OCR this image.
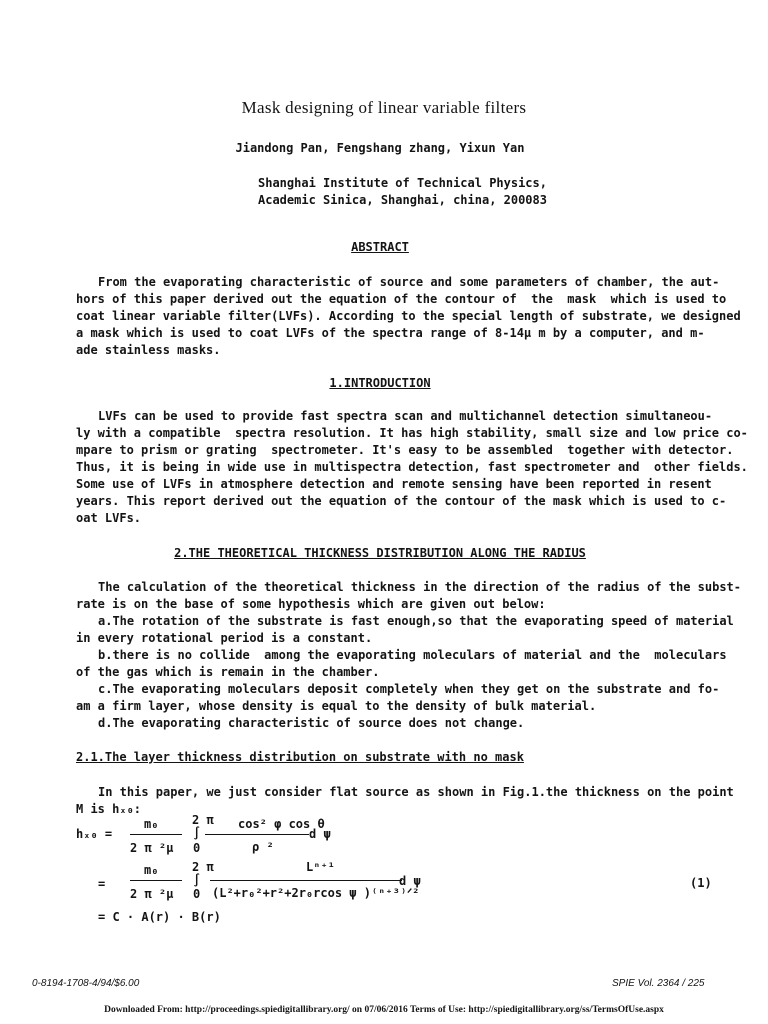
Mask designing of linear variable filters
Jiandong Pan, Fengshang zhang, Yixun Yan
Shanghai Institute of Technical Physics,
Academic Sinica, Shanghai, china, 200083
ABSTRACT
From the evaporating characteristic of source and some parameters of chamber, the aut-
hors of this paper derived out the equation of the contour of  the  mask  which is used to
coat linear variable filter(LVFs). According to the special length of substrate, we designed
a mask which is used to coat LVFs of the spectra range of 8-14μ m by a computer, and m-
ade stainless masks.
1.INTRODUCTION
LVFs can be used to provide fast spectra scan and multichannel detection simultaneou-
ly with a compatible  spectra resolution. It has high stability, small size and low price co-
mpare to prism or grating  spectrometer. It's easy to be assembled  together with detector.
Thus, it is being in wide use in multispectra detection, fast spectrometer and  other fields.
Some use of LVFs in atmosphere detection and remote sensing have been reported in resent
years. This report derived out the equation of the contour of the mask which is used to c-
oat LVFs.
2.THE THEORETICAL THICKNESS DISTRIBUTION ALONG THE RADIUS
The calculation of the theoretical thickness in the direction of the radius of the subst-
rate is on the base of some hypothesis which are given out below:
a.The rotation of the substrate is fast enough,so that the evaporating speed of material
in every rotational period is a constant.
b.there is no collide  among the evaporating moleculars of material and the  moleculars
of the gas which is remain in the chamber.
c.The evaporating moleculars deposit completely when they get on the substrate and fo-
am a firm layer, whose density is equal to the density of bulk material.
d.The evaporating characteristic of source does not change.
2.1.The layer thickness distribution on substrate with no mask
In this paper, we just consider flat source as shown in Fig.1.the thickness on the point
M is hₓ₀:
hₓ₀ =
m₀
2 π ²μ
2 π
∫
0
cos² φ cos θ
ρ ²
d ψ
=
m₀
2 π ²μ
2 π
∫
0
Lⁿ⁺¹
(L²+r₀²+r²+2r₀rcos ψ )⁽ⁿ⁺³⁾ᐟ²
d ψ	(1)
= C · A(r) · B(r)
0-8194-1708-4/94/$6.00	SPIE Vol. 2364 / 225
Downloaded From: http://proceedings.spiedigitallibrary.org/ on 07/06/2016 Terms of Use: http://spiedigitallibrary.org/ss/TermsOfUse.aspx
